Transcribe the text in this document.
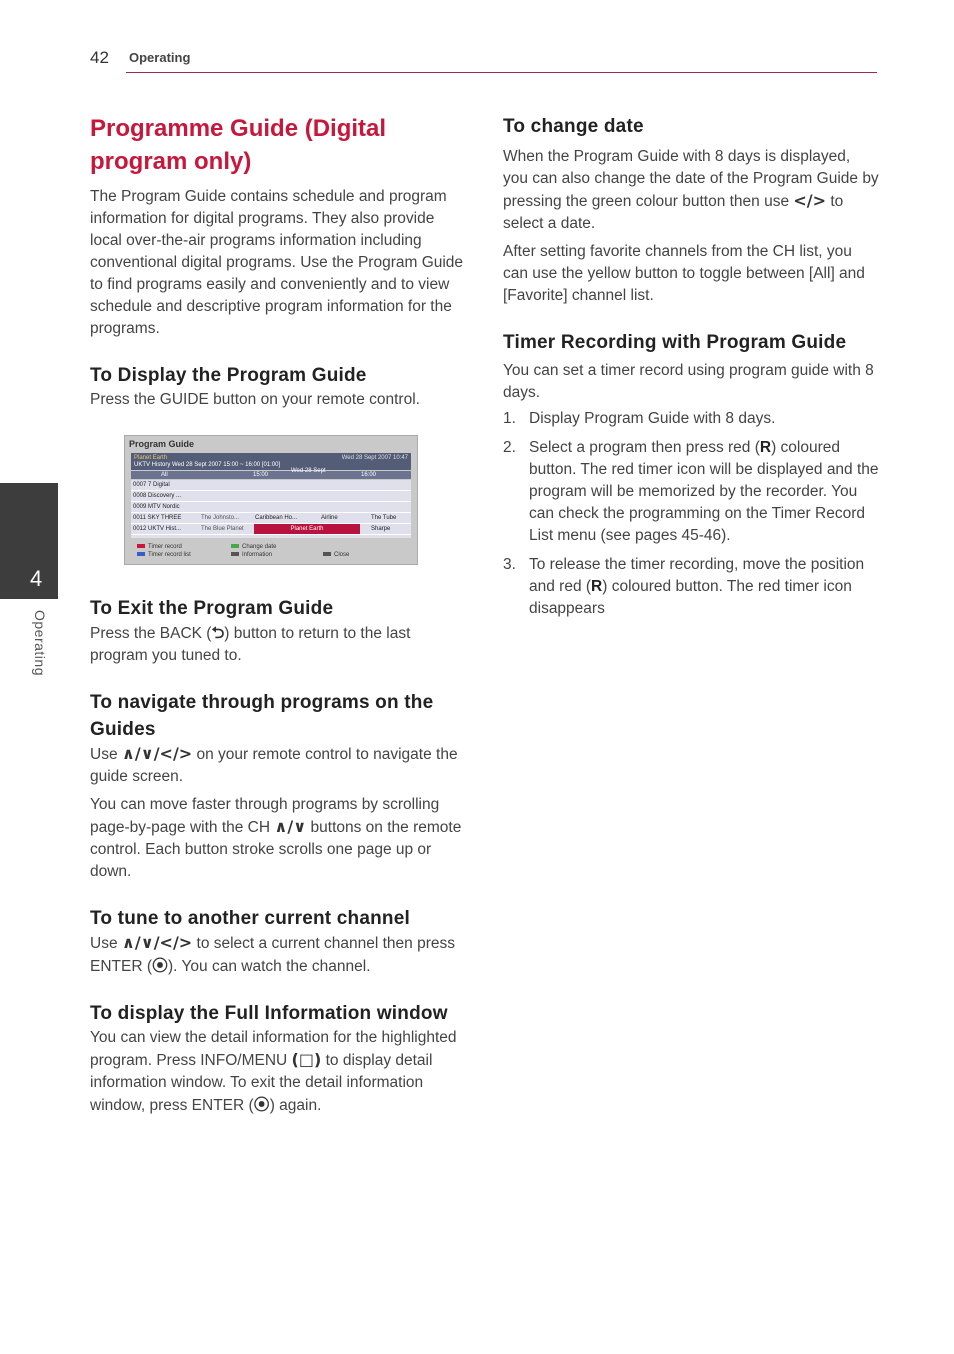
42 Operating
4
Operating
Programme Guide (Digital program only)

The Program Guide contains schedule and program information for digital programs. They also provide local over-the-air programs information including conventional digital programs. Use the Program Guide to find programs easily and conveniently and to view schedule and descriptive program information for the programs.

To Display the Program Guide

Press the GUIDE button on your remote control.

Program Guide
Planet Earth
UKTV History Wed 28 Sept 2007 15:00 ~ 16:00 [01:00]
Wed 28 Sept 2007 10:47
All
Wed 28 Sept
15:00	16:00
0007 7 Digital
0008 Discovery ...
0009 MTV Nordic
0011 SKY THREE	The Johnsto...	Caribbean Ho...	Airline	The Tube
0012 UKTV Hist...	The Blue Planet	Planet Earth	Sharpe
Timer record
Timer record list
Change date
Information	Close
To Exit the Program Guide

Press the BACK (⮌) button to return to the last program you tuned to.

To navigate through programs on the Guides

Use ∧/∨/</> on your remote control to navigate the guide screen.

You can move faster through programs by scrolling page-by-page with the CH ∧/∨ buttons on the remote control. Each button stroke scrolls one page up or down.

To tune to another current channel

Use ∧/∨/</> to select a current channel then press ENTER (⦿). You can watch the channel.

To display the Full Information window

You can view the detail information for the highlighted program. Press INFO/MENU (□) to display detail information window. To exit the detail information window, press ENTER (⦿) again.

To change date

When the Program Guide with 8 days is displayed, you can also change the date of the Program Guide by pressing the green colour button then use </> to select a date.

After setting favorite channels from the CH list, you can use the yellow button to toggle between [All] and [Favorite] channel list.

Timer Recording with Program Guide

You can set a timer record using program guide with 8 days.

1. Display Program Guide with 8 days.
2. Select a program then press red (R) coloured button. The red timer icon will be displayed and the program will be memorized by the recorder. You can check the programming on the Timer Record List menu (see pages 45-46).
3. To release the timer recording, move the position and red (R) coloured button. The red timer icon disappears
